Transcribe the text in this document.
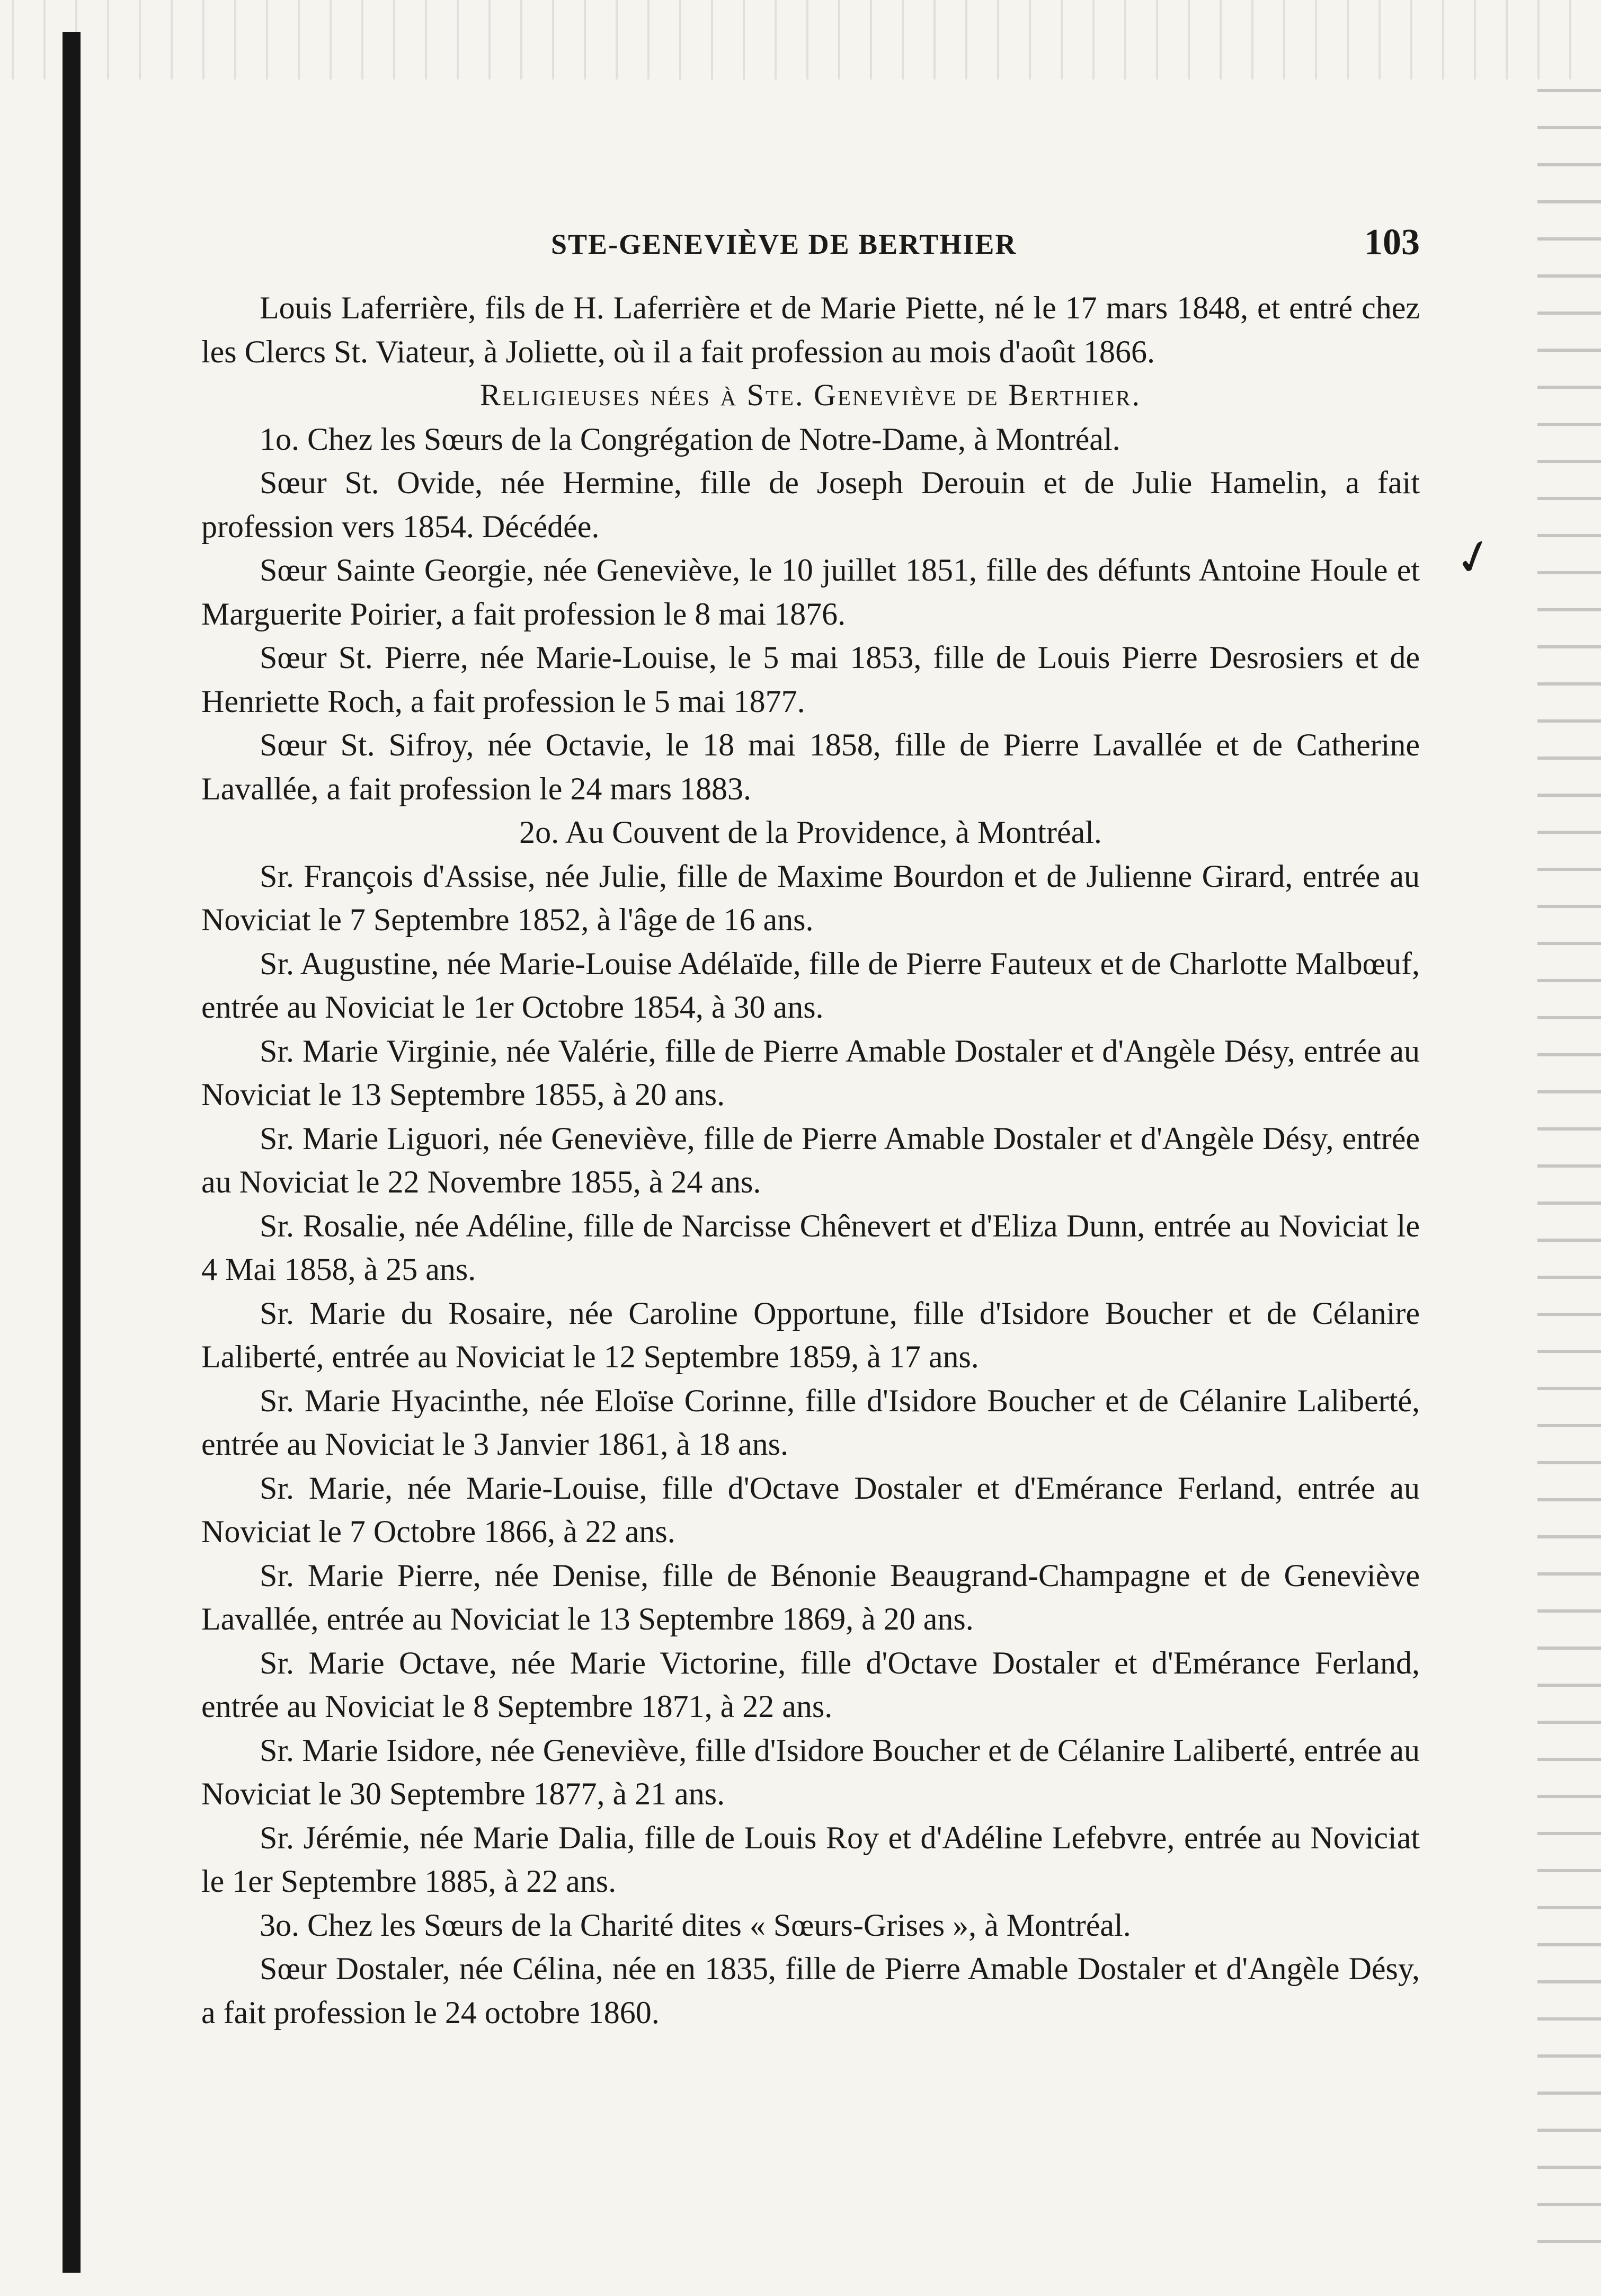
STE-GENEVIÈVE DE BERTHIER	103
✓

Louis Laferrière, fils de H. Laferrière et de Marie Piette, né le 17 mars 1848, et entré chez les Clercs St. Viateur, à Joliette, où il a fait profession au mois d'août 1866.

Religieuses nées à Ste. Geneviève de Berthier.

1o. Chez les Sœurs de la Congrégation de Notre-Dame, à Montréal.

Sœur St. Ovide, née Hermine, fille de Joseph Derouin et de Julie Hamelin, a fait profession vers 1854. Décédée.

Sœur Sainte Georgie, née Geneviève, le 10 juillet 1851, fille des défunts Antoine Houle et Marguerite Poirier, a fait profession le 8 mai 1876.

Sœur St. Pierre, née Marie-Louise, le 5 mai 1853, fille de Louis Pierre Desrosiers et de Henriette Roch, a fait profession le 5 mai 1877.

Sœur St. Sifroy, née Octavie, le 18 mai 1858, fille de Pierre Lavallée et de Catherine Lavallée, a fait profession le 24 mars 1883.

2o. Au Couvent de la Providence, à Montréal.

Sr. François d'Assise, née Julie, fille de Maxime Bourdon et de Julienne Girard, entrée au Noviciat le 7 Septembre 1852, à l'âge de 16 ans.

Sr. Augustine, née Marie-Louise Adélaïde, fille de Pierre Fauteux et de Charlotte Malbœuf, entrée au Noviciat le 1er Octobre 1854, à 30 ans.

Sr. Marie Virginie, née Valérie, fille de Pierre Amable Dostaler et d'Angèle Désy, entrée au Noviciat le 13 Septembre 1855, à 20 ans.

Sr. Marie Liguori, née Geneviève, fille de Pierre Amable Dostaler et d'Angèle Désy, entrée au Noviciat le 22 Novembre 1855, à 24 ans.

Sr. Rosalie, née Adéline, fille de Narcisse Chênevert et d'Eliza Dunn, entrée au Noviciat le 4 Mai 1858, à 25 ans.

Sr. Marie du Rosaire, née Caroline Opportune, fille d'Isidore Boucher et de Célanire Laliberté, entrée au Noviciat le 12 Septembre 1859, à 17 ans.

Sr. Marie Hyacinthe, née Eloïse Corinne, fille d'Isidore Boucher et de Célanire Laliberté, entrée au Noviciat le 3 Janvier 1861, à 18 ans.

Sr. Marie, née Marie-Louise, fille d'Octave Dostaler et d'Emérance Ferland, entrée au Noviciat le 7 Octobre 1866, à 22 ans.

Sr. Marie Pierre, née Denise, fille de Bénonie Beaugrand-Champagne et de Geneviève Lavallée, entrée au Noviciat le 13 Septembre 1869, à 20 ans.

Sr. Marie Octave, née Marie Victorine, fille d'Octave Dostaler et d'Emérance Ferland, entrée au Noviciat le 8 Septembre 1871, à 22 ans.

Sr. Marie Isidore, née Geneviève, fille d'Isidore Boucher et de Célanire Laliberté, entrée au Noviciat le 30 Septembre 1877, à 21 ans.

Sr. Jérémie, née Marie Dalia, fille de Louis Roy et d'Adéline Lefebvre, entrée au Noviciat le 1er Septembre 1885, à 22 ans.

3o. Chez les Sœurs de la Charité dites « Sœurs-Grises », à Montréal.

Sœur Dostaler, née Célina, née en 1835, fille de Pierre Amable Dostaler et d'Angèle Désy, a fait profession le 24 octobre 1860.
